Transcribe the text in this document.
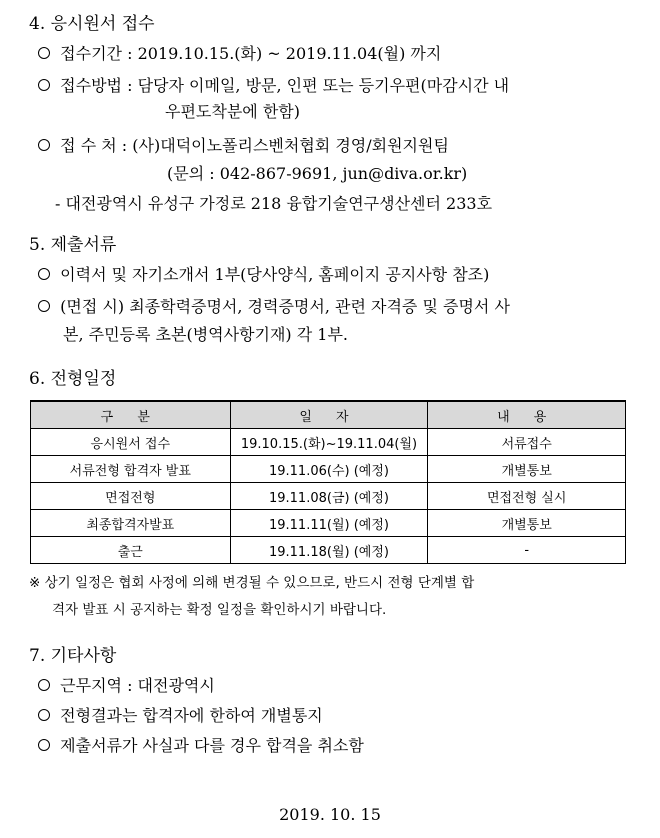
4. 응시원서 접수
접수기간 : 2019.10.15.(화) ~ 2019.11.04(월) 까지
접수방법 : 담당자 이메일, 방문, 인편 또는 등기우편(마감시간 내
우편도착분에 한함)
접 수 처 : (사)대덕이노폴리스벤처협회 경영/회원지원팀
(문의 : 042-867-9691, jun@diva.or.kr)
- 대전광역시 유성구 가정로 218 융합기술연구생산센터 233호
5. 제출서류
이력서 및 자기소개서 1부(당사양식, 홈페이지 공지사항 참조)
(면접 시) 최종학력증명서, 경력증명서, 관련 자격증 및 증명서 사
본, 주민등록 초본(병역사항기재) 각 1부.
6. 전형일정
구 분	일 자	내 용
응시원서 접수	19.10.15.(화)~19.11.04(월)	서류접수
서류전형 합격자 발표	19.11.06(수) (예정)	개별통보
면접전형	19.11.08(금) (예정)	면접전형 실시
최종합격자발표	19.11.11(월) (예정)	개별통보
출근	19.11.18(월) (예정)	-
※ 상기 일정은 협회 사정에 의해 변경될 수 있으므로, 반드시 전형 단계별 합
격자 발표 시 공지하는 확정 일정을 확인하시기 바랍니다.
7. 기타사항
근무지역 : 대전광역시
전형결과는 합격자에 한하여 개별통지
제출서류가 사실과 다를 경우 합격을 취소함
2019. 10. 15
